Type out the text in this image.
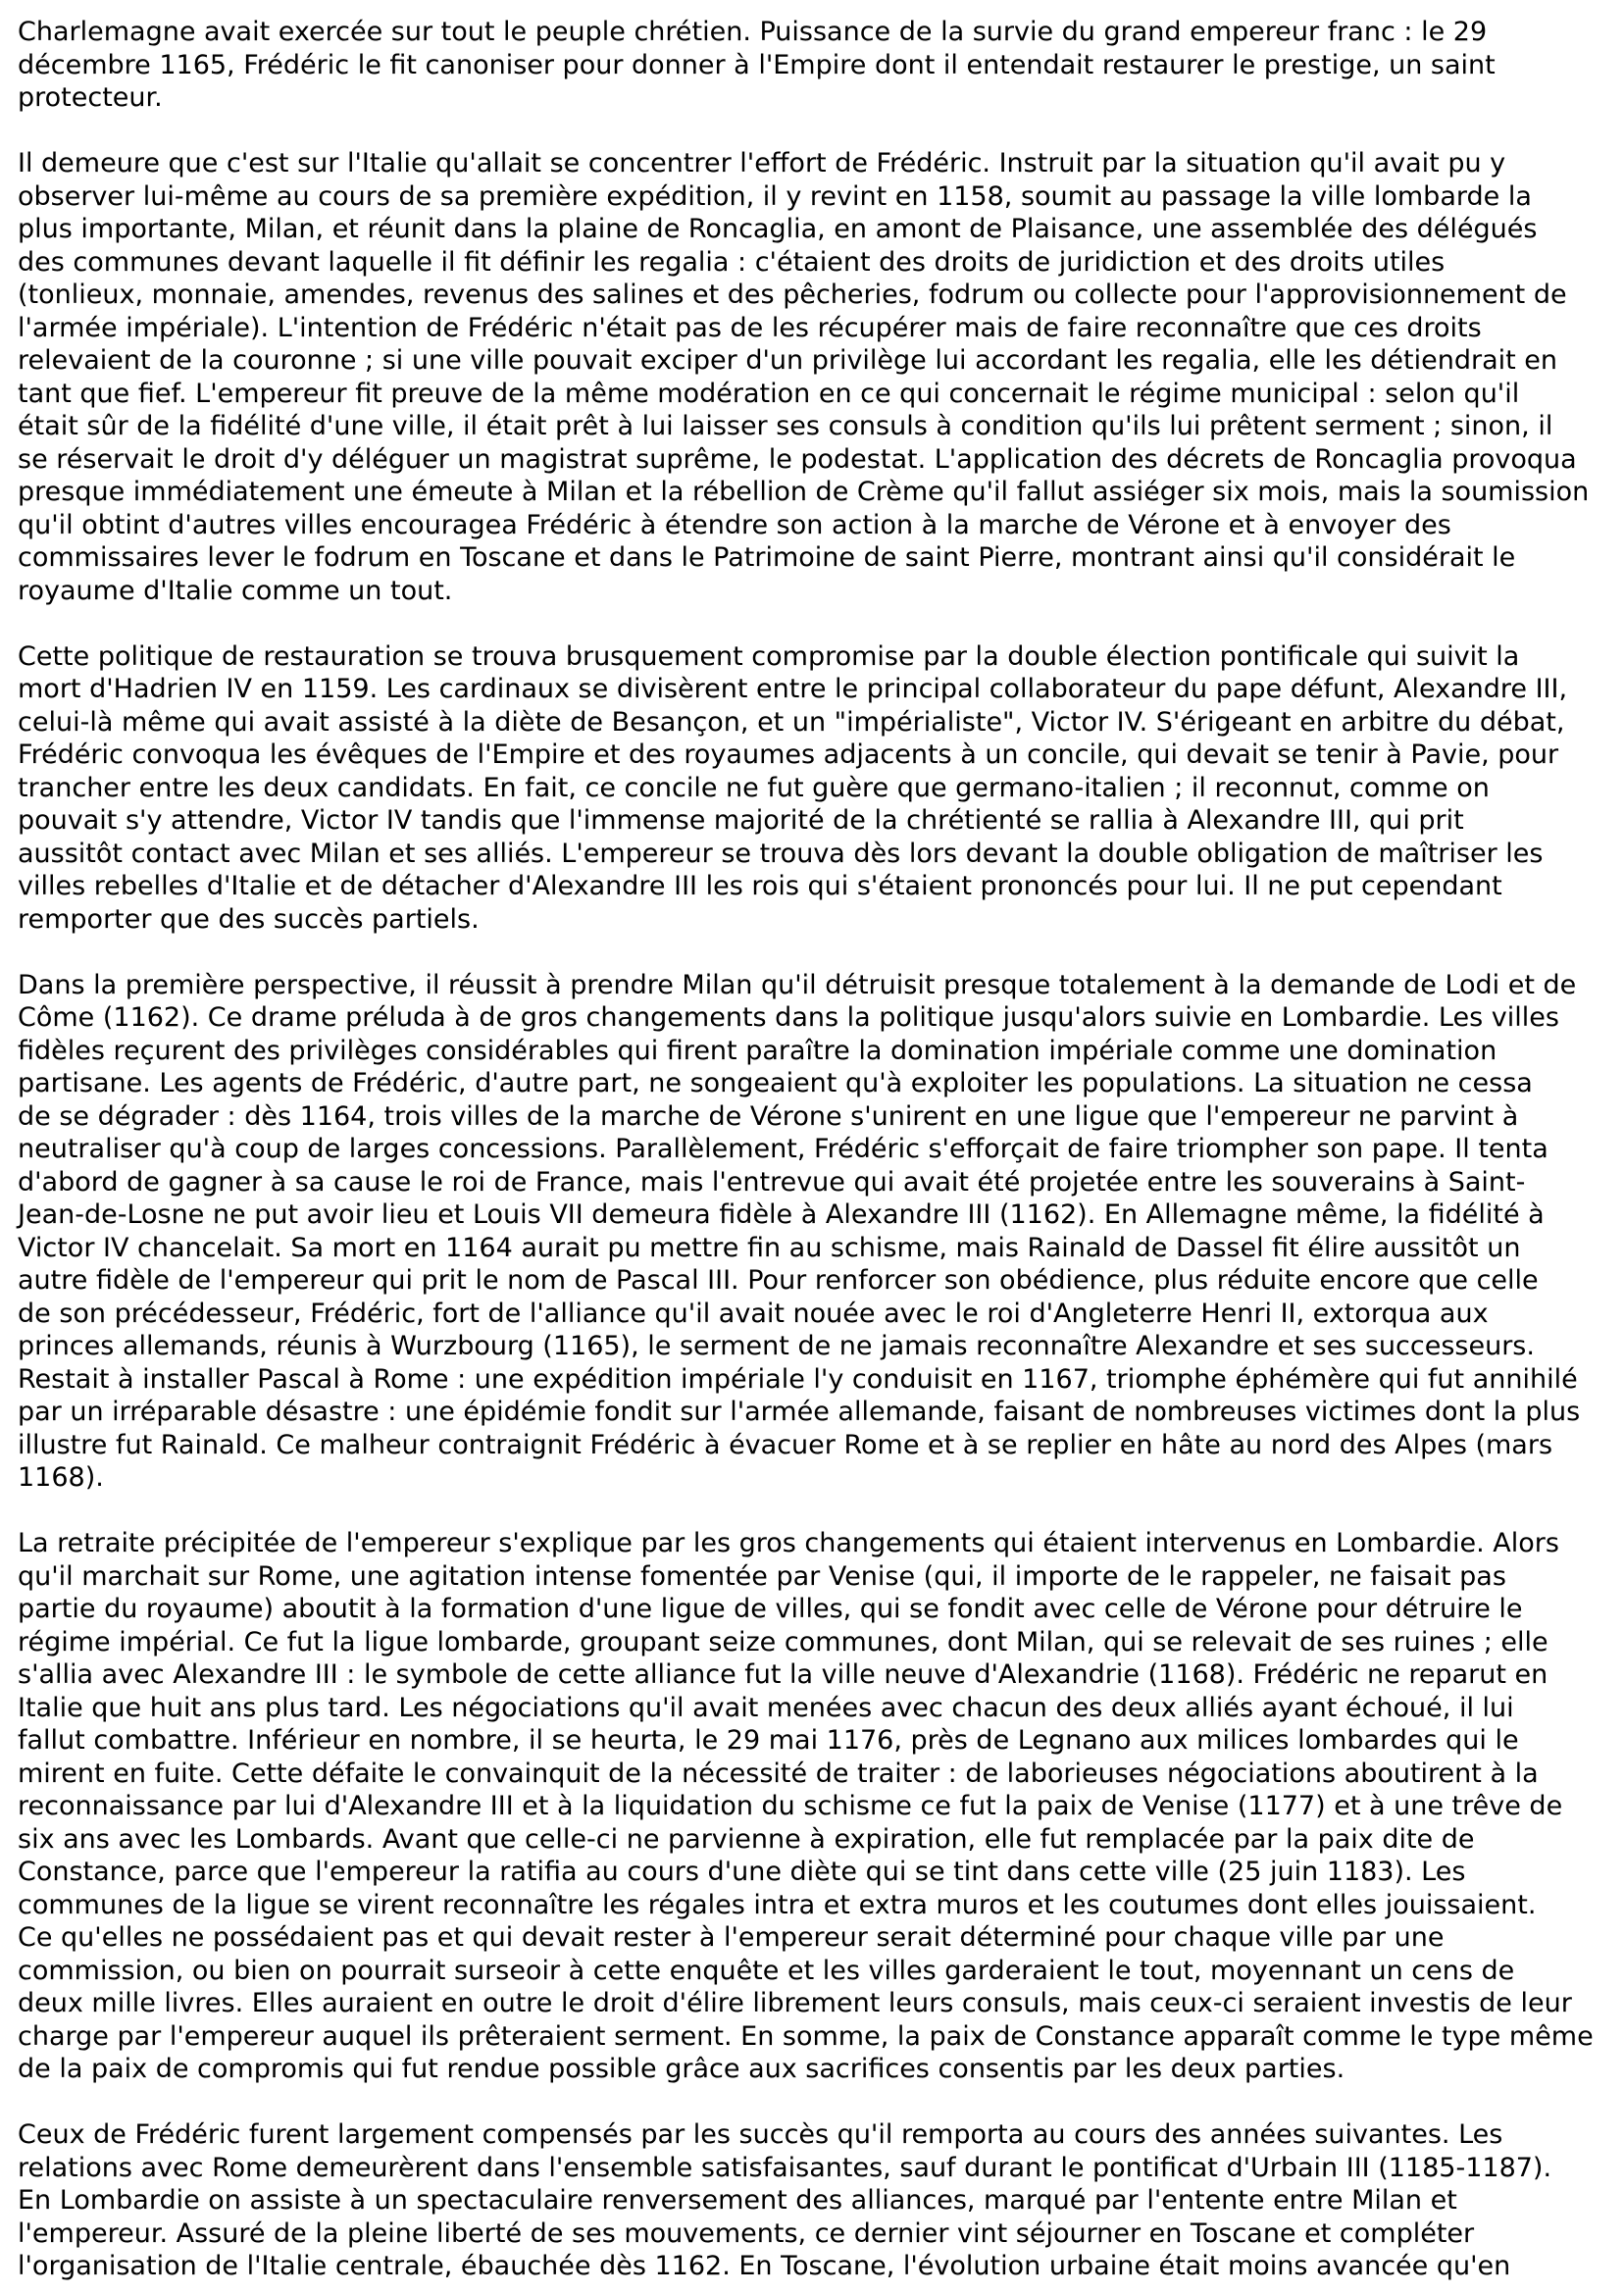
Charlemagne avait exercée sur tout le peuple chrétien. Puissance de la survie du grand empereur franc : le 29
décembre 1165, Frédéric le fit canoniser pour donner à l'Empire dont il entendait restaurer le prestige, un saint
protecteur.
Il demeure que c'est sur l'Italie qu'allait se concentrer l'effort de Frédéric. Instruit par la situation qu'il avait pu y
observer lui-même au cours de sa première expédition, il y revint en 1158, soumit au passage la ville lombarde la
plus importante, Milan, et réunit dans la plaine de Roncaglia, en amont de Plaisance, une assemblée des délégués
des communes devant laquelle il fit définir les regalia : c'étaient des droits de juridiction et des droits utiles
(tonlieux, monnaie, amendes, revenus des salines et des pêcheries, fodrum ou collecte pour l'approvisionnement de
l'armée impériale). L'intention de Frédéric n'était pas de les récupérer mais de faire reconnaître que ces droits
relevaient de la couronne ; si une ville pouvait exciper d'un privilège lui accordant les regalia, elle les détiendrait en
tant que fief. L'empereur fit preuve de la même modération en ce qui concernait le régime municipal : selon qu'il
était sûr de la fidélité d'une ville, il était prêt à lui laisser ses consuls à condition qu'ils lui prêtent serment ; sinon, il
se réservait le droit d'y déléguer un magistrat suprême, le podestat. L'application des décrets de Roncaglia provoqua
presque immédiatement une émeute à Milan et la rébellion de Crème qu'il fallut assiéger six mois, mais la soumission
qu'il obtint d'autres villes encouragea Frédéric à étendre son action à la marche de Vérone et à envoyer des
commissaires lever le fodrum en Toscane et dans le Patrimoine de saint Pierre, montrant ainsi qu'il considérait le
royaume d'Italie comme un tout.
Cette politique de restauration se trouva brusquement compromise par la double élection pontificale qui suivit la
mort d'Hadrien IV en 1159. Les cardinaux se divisèrent entre le principal collaborateur du pape défunt, Alexandre III,
celui-là même qui avait assisté à la diète de Besançon, et un "impérialiste", Victor IV. S'érigeant en arbitre du débat,
Frédéric convoqua les évêques de l'Empire et des royaumes adjacents à un concile, qui devait se tenir à Pavie, pour
trancher entre les deux candidats. En fait, ce concile ne fut guère que germano-italien ; il reconnut, comme on
pouvait s'y attendre, Victor IV tandis que l'immense majorité de la chrétienté se rallia à Alexandre III, qui prit
aussitôt contact avec Milan et ses alliés. L'empereur se trouva dès lors devant la double obligation de maîtriser les
villes rebelles d'Italie et de détacher d'Alexandre III les rois qui s'étaient prononcés pour lui. Il ne put cependant
remporter que des succès partiels.
Dans la première perspective, il réussit à prendre Milan qu'il détruisit presque totalement à la demande de Lodi et de
Côme (1162). Ce drame préluda à de gros changements dans la politique jusqu'alors suivie en Lombardie. Les villes
fidèles reçurent des privilèges considérables qui firent paraître la domination impériale comme une domination
partisane. Les agents de Frédéric, d'autre part, ne songeaient qu'à exploiter les populations. La situation ne cessa
de se dégrader : dès 1164, trois villes de la marche de Vérone s'unirent en une ligue que l'empereur ne parvint à
neutraliser qu'à coup de larges concessions. Parallèlement, Frédéric s'efforçait de faire triompher son pape. Il tenta
d'abord de gagner à sa cause le roi de France, mais l'entrevue qui avait été projetée entre les souverains à Saint-
Jean-de-Losne ne put avoir lieu et Louis VII demeura fidèle à Alexandre III (1162). En Allemagne même, la fidélité à
Victor IV chancelait. Sa mort en 1164 aurait pu mettre fin au schisme, mais Rainald de Dassel fit élire aussitôt un
autre fidèle de l'empereur qui prit le nom de Pascal III. Pour renforcer son obédience, plus réduite encore que celle
de son précédesseur, Frédéric, fort de l'alliance qu'il avait nouée avec le roi d'Angleterre Henri II, extorqua aux
princes allemands, réunis à Wurzbourg (1165), le serment de ne jamais reconnaître Alexandre et ses successeurs.
Restait à installer Pascal à Rome : une expédition impériale l'y conduisit en 1167, triomphe éphémère qui fut annihilé
par un irréparable désastre : une épidémie fondit sur l'armée allemande, faisant de nombreuses victimes dont la plus
illustre fut Rainald. Ce malheur contraignit Frédéric à évacuer Rome et à se replier en hâte au nord des Alpes (mars
1168).
La retraite précipitée de l'empereur s'explique par les gros changements qui étaient intervenus en Lombardie. Alors
qu'il marchait sur Rome, une agitation intense fomentée par Venise (qui, il importe de le rappeler, ne faisait pas
partie du royaume) aboutit à la formation d'une ligue de villes, qui se fondit avec celle de Vérone pour détruire le
régime impérial. Ce fut la ligue lombarde, groupant seize communes, dont Milan, qui se relevait de ses ruines ; elle
s'allia avec Alexandre III : le symbole de cette alliance fut la ville neuve d'Alexandrie (1168). Frédéric ne reparut en
Italie que huit ans plus tard. Les négociations qu'il avait menées avec chacun des deux alliés ayant échoué, il lui
fallut combattre. Inférieur en nombre, il se heurta, le 29 mai 1176, près de Legnano aux milices lombardes qui le
mirent en fuite. Cette défaite le convainquit de la nécessité de traiter : de laborieuses négociations aboutirent à la
reconnaissance par lui d'Alexandre III et à la liquidation du schisme ce fut la paix de Venise (1177) et à une trêve de
six ans avec les Lombards. Avant que celle-ci ne parvienne à expiration, elle fut remplacée par la paix dite de
Constance, parce que l'empereur la ratifia au cours d'une diète qui se tint dans cette ville (25 juin 1183). Les
communes de la ligue se virent reconnaître les régales intra et extra muros et les coutumes dont elles jouissaient.
Ce qu'elles ne possédaient pas et qui devait rester à l'empereur serait déterminé pour chaque ville par une
commission, ou bien on pourrait surseoir à cette enquête et les villes garderaient le tout, moyennant un cens de
deux mille livres. Elles auraient en outre le droit d'élire librement leurs consuls, mais ceux-ci seraient investis de leur
charge par l'empereur auquel ils prêteraient serment. En somme, la paix de Constance apparaît comme le type même
de la paix de compromis qui fut rendue possible grâce aux sacrifices consentis par les deux parties.
Ceux de Frédéric furent largement compensés par les succès qu'il remporta au cours des années suivantes. Les
relations avec Rome demeurèrent dans l'ensemble satisfaisantes, sauf durant le pontificat d'Urbain III (1185-1187).
En Lombardie on assiste à un spectaculaire renversement des alliances, marqué par l'entente entre Milan et
l'empereur. Assuré de la pleine liberté de ses mouvements, ce dernier vint séjourner en Toscane et compléter
l'organisation de l'Italie centrale, ébauchée dès 1162. En Toscane, l'évolution urbaine était moins avancée qu'en
